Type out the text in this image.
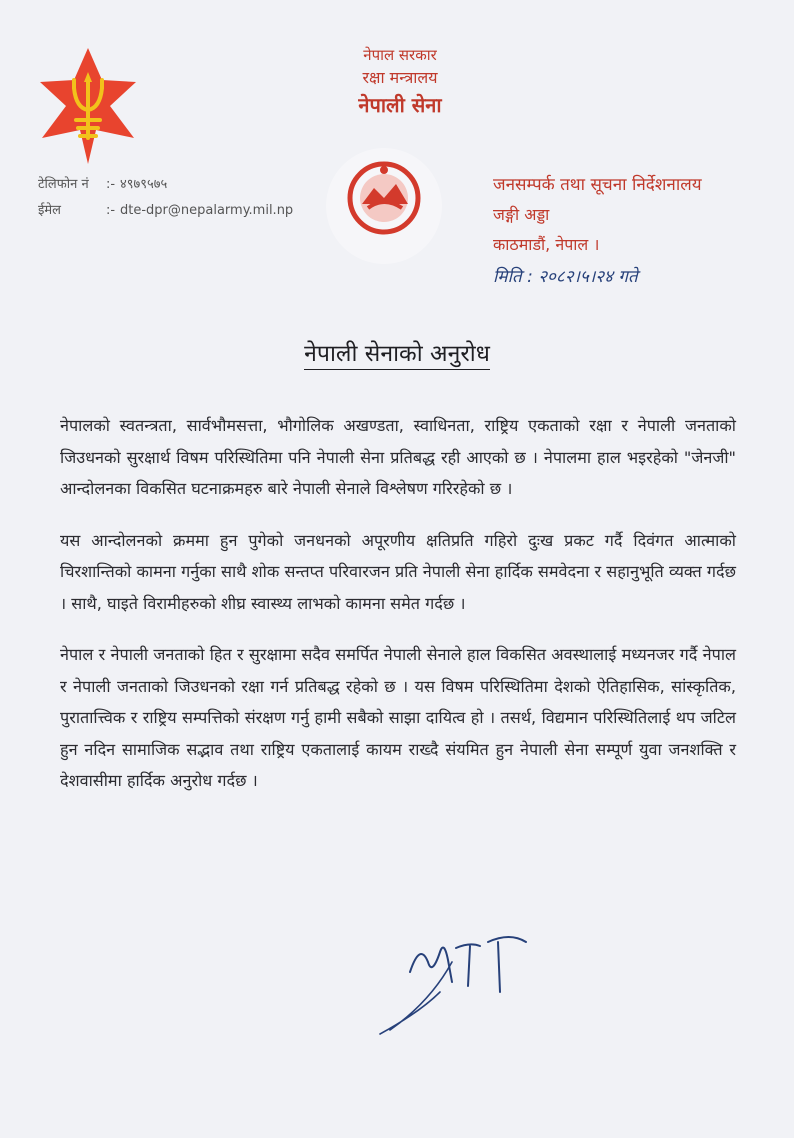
नेपाल सरकार
रक्षा मन्त्रालय
नेपाली सेना
टेलिफोन नं	:- ४९७९५७५
ईमेल	:- dte-dpr@nepalarmy.mil.np
जनसम्पर्क तथा सूचना निर्देशनालय
जङ्गी अड्डा
काठमाडौं, नेपाल ।
मिति : २०८२।५।२४ गते
नेपाली सेनाको अनुरोध

नेपालको स्वतन्त्रता, सार्वभौमसत्ता, भौगोलिक अखण्डता, स्वाधिनता, राष्ट्रिय एकताको रक्षा र नेपाली जनताको जिउधनको सुरक्षार्थ विषम परिस्थितिमा पनि नेपाली सेना प्रतिबद्ध रही आएको छ । नेपालमा हाल भइरहेको "जेनजी" आन्दोलनका विकसित घटनाक्रमहरु बारे नेपाली सेनाले विश्लेषण गरिरहेको छ ।

यस आन्दोलनको क्रममा हुन पुगेको जनधनको अपूरणीय क्षतिप्रति गहिरो दुःख प्रकट गर्दै दिवंगत आत्माको चिरशान्तिको कामना गर्नुका साथै शोक सन्तप्त परिवारजन प्रति नेपाली सेना हार्दिक समवेदना र सहानुभूति व्यक्त गर्दछ । साथै, घाइते विरामीहरुको शीघ्र स्वास्थ्य लाभको कामना समेत गर्दछ ।

नेपाल र नेपाली जनताको हित र सुरक्षामा सदैव समर्पित नेपाली सेनाले हाल विकसित अवस्थालाई मध्यनजर गर्दै नेपाल र नेपाली जनताको जिउधनको रक्षा गर्न प्रतिबद्ध रहेको छ । यस विषम परिस्थितिमा देशको ऐतिहासिक, सांस्कृतिक, पुरातात्त्विक र राष्ट्रिय सम्पत्तिको संरक्षण गर्नु हामी सबैको साझा दायित्व हो । तसर्थ, विद्यमान परिस्थितिलाई थप जटिल हुन नदिन सामाजिक सद्भाव तथा राष्ट्रिय एकतालाई कायम राख्दै संयमित हुन नेपाली सेना सम्पूर्ण युवा जनशक्ति र देशवासीमा हार्दिक अनुरोध गर्दछ ।
